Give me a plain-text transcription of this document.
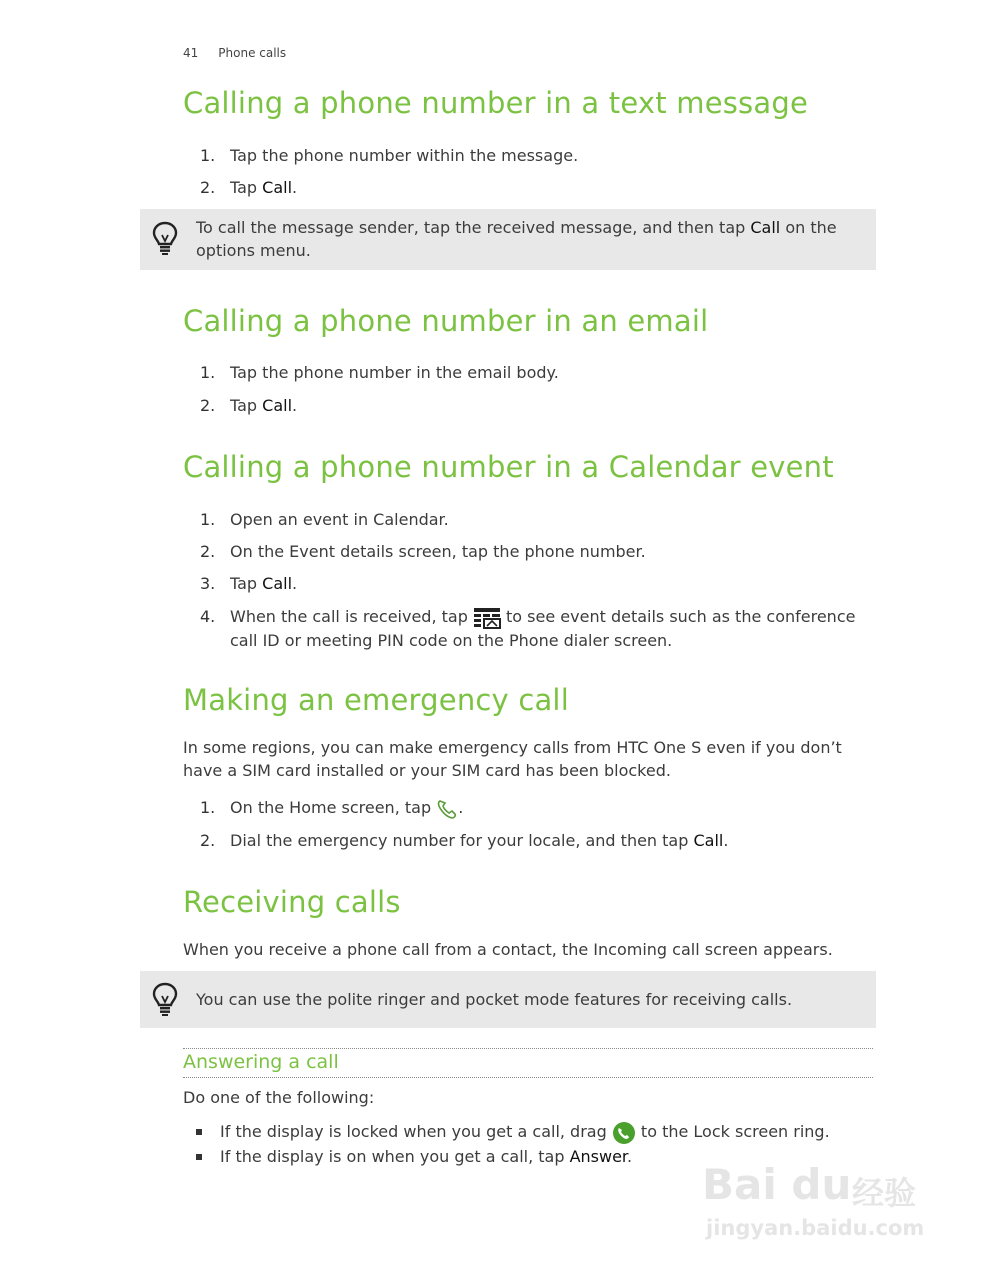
41 Phone calls
Calling a phone number in a text message
1. Tap the phone number within the message.
2. Tap Call.
To call the message sender, tap the received message, and then tap Call on the options menu.
Calling a phone number in an email
1. Tap the phone number in the email body.
2. Tap Call.
Calling a phone number in a Calendar event
1. Open an event in Calendar.
2. On the Event details screen, tap the phone number.
3. Tap Call.
4. When the call is received, tap  to see event details such as the conference call ID or meeting PIN code on the Phone dialer screen.
Making an emergency call

In some regions, you can make emergency calls from HTC One S even if you don’t have a SIM card installed or your SIM card has been blocked.

1. On the Home screen, tap .
2. Dial the emergency number for your locale, and then tap Call.
Receiving calls

When you receive a phone call from a contact, the Incoming call screen appears.

You can use the polite ringer and pocket mode features for receiving calls.
Answering a call

Do one of the following:

If the display is locked when you get a call, drag  to the Lock screen ring.
If the display is on when you get a call, tap Answer.
Bai du 经验
jingyan.baidu.com
